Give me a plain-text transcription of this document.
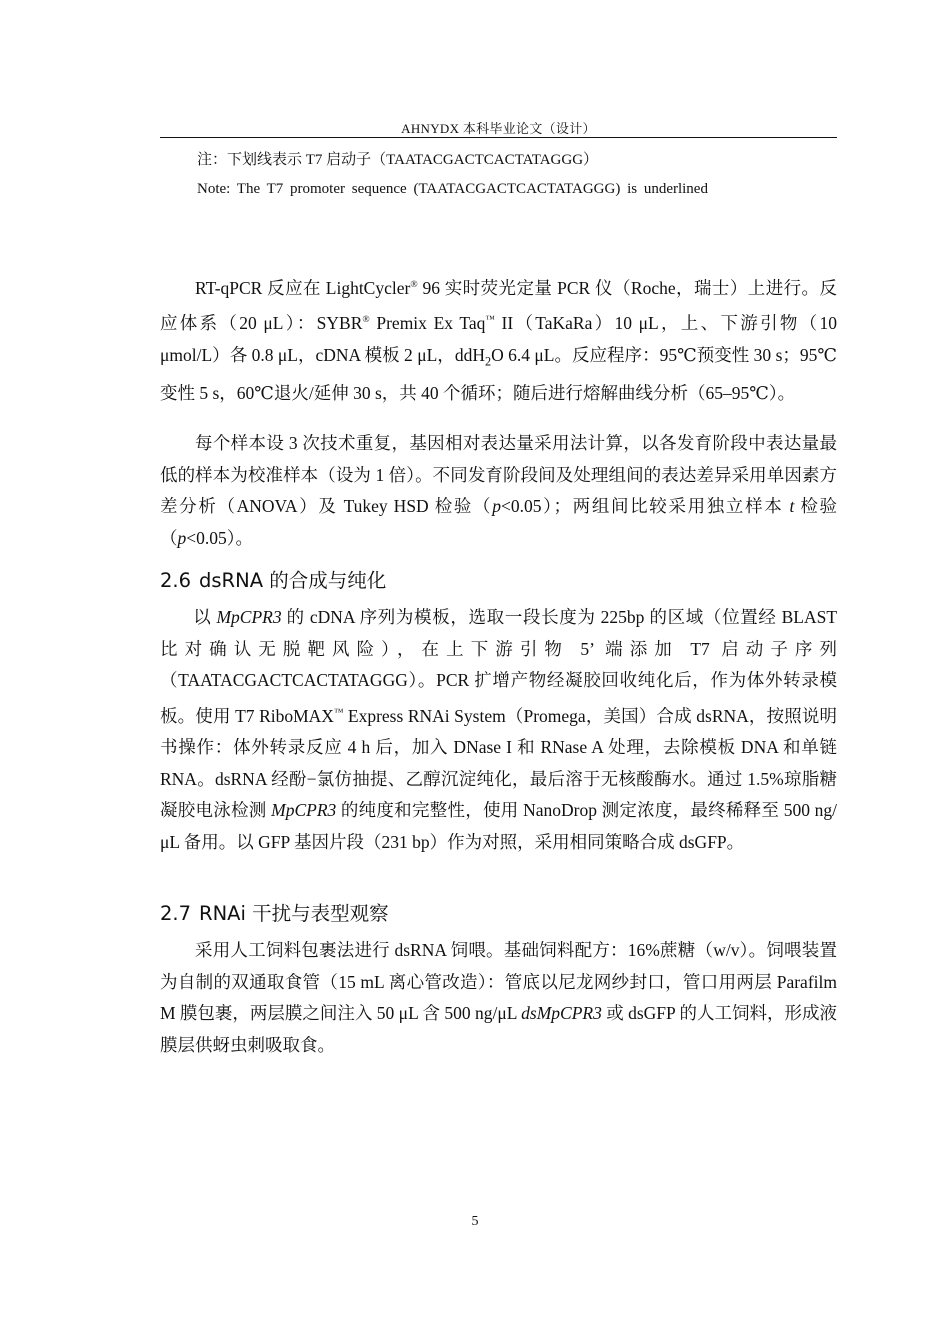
AHNYDX 本科毕业论文（设计）
注：下划线表示 T7 启动子（TAATACGACTCACTATAGGG）
Note: The T7 promoter sequence (TAATACGACTCACTATAGGG) is underlined

RT-qPCR 反应在 LightCycler® 96 实时荧光定量 PCR 仪（Roche，瑞士）上进行。反应体系（20 μL）：SYBR® Premix Ex Taq™ II（TaKaRa）10 μL，上、下游引物（10 μmol/L）各 0.8 μL，cDNA 模板 2 μL，ddH$_2$O 6.4 μL。反应程序：95℃预变性 30 s；95℃变性 5 s，60℃退火/延伸 30 s，共 40 个循环；随后进行熔解曲线分析（65–95℃）。

每个样本设 3 次技术重复，基因相对表达量采用法计算，以各发育阶段中表达量最低的样本为校准样本（设为 1 倍）。不同发育阶段间及处理组间的表达差异采用单因素方差分析（ANOVA）及 Tukey HSD 检验（p<0.05）；两组间比较采用独立样本 t 检验（p<0.05）。

2.6 dsRNA 的合成与纯化

以 MpCPR3 的 cDNA 序列为模板，选取一段长度为 225bp 的区域（位置经 BLAST 比对确认无脱靶风险），在上下游引物 5’ 端添加 T7 启动子序列（TAATACGACTCACTATAGGG）。PCR 扩增产物经凝胶回收纯化后，作为体外转录模板。使用 T7 RiboMAX™ Express RNAi System（Promega，美国）合成 dsRNA，按照说明书操作：体外转录反应 4 h 后，加入 DNase I 和 RNase A 处理，去除模板 DNA 和单链 RNA。dsRNA 经酚−氯仿抽提、乙醇沉淀纯化，最后溶于无核酸酶水。通过 1.5%琼脂糖凝胶电泳检测 MpCPR3 的纯度和完整性，使用 NanoDrop 测定浓度，最终稀释至 500 ng/μL 备用。以 GFP 基因片段（231 bp）作为对照，采用相同策略合成 dsGFP。

2.7 RNAi 干扰与表型观察

采用人工饲料包裹法进行 dsRNA 饲喂。基础饲料配方：16%蔗糖（w/v）。饲喂装置为自制的双通取食管（15 mL 离心管改造）：管底以尼龙网纱封口，管口用两层 Parafilm M 膜包裹，两层膜之间注入 50 μL 含 500 ng/μL dsMpCPR3 或 dsGFP 的人工饲料，形成液膜层供蚜虫刺吸取食。

5
